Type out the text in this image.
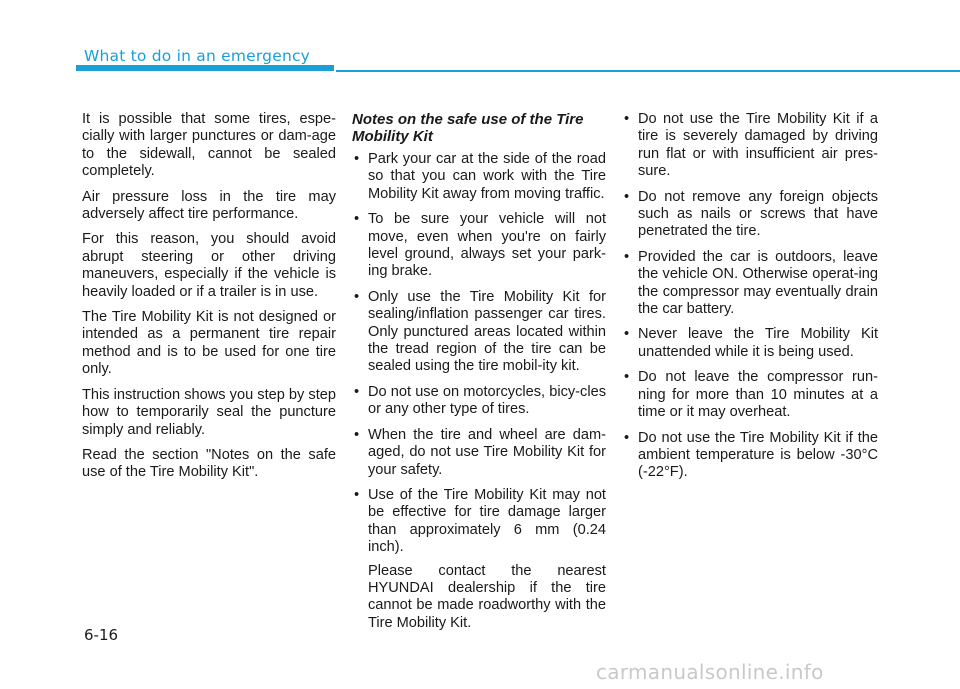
What to do in an emergency

It is possible that some tires, espe-cially with larger punctures or dam-age to the sidewall, cannot be sealed completely.

Air pressure loss in the tire may adversely affect tire performance.

For this reason, you should avoid abrupt steering or other driving maneuvers, especially if the vehicle is heavily loaded or if a trailer is in use.

The Tire Mobility Kit is not designed or intended as a permanent tire repair method and is to be used for one tire only.

This instruction shows you step by step how to temporarily seal the puncture simply and reliably.

Read the section "Notes on the safe use of the Tire Mobility Kit".

Notes on the safe use of the Tire Mobility Kit
• Park your car at the side of the road so that you can work with the Tire Mobility Kit away from moving traffic.
• To be sure your vehicle will not move, even when you're on fairly level ground, always set your park-ing brake.
• Only use the Tire Mobility Kit for sealing/inflation passenger car tires. Only punctured areas located within the tread region of the tire can be sealed using the tire mobil-ity kit.
• Do not use on motorcycles, bicy-cles or any other type of tires.
• When the tire and wheel are dam-aged, do not use Tire Mobility Kit for your safety.
• Use of the Tire Mobility Kit may not be effective for tire damage larger than approximately 6 mm (0.24 inch).

Please contact the nearest HYUNDAI dealership if the tire cannot be made roadworthy with the Tire Mobility Kit.

• Do not use the Tire Mobility Kit if a tire is severely damaged by driving run flat or with insufficient air pres-sure.
• Do not remove any foreign objects such as nails or screws that have penetrated the tire.
• Provided the car is outdoors, leave the vehicle ON. Otherwise operat-ing the compressor may eventually drain the car battery.
• Never leave the Tire Mobility Kit unattended while it is being used.
• Do not leave the compressor run-ning for more than 10 minutes at a time or it may overheat.
• Do not use the Tire Mobility Kit if the ambient temperature is below -30°C (-22°F).
6-16
carmanualsonline.info
